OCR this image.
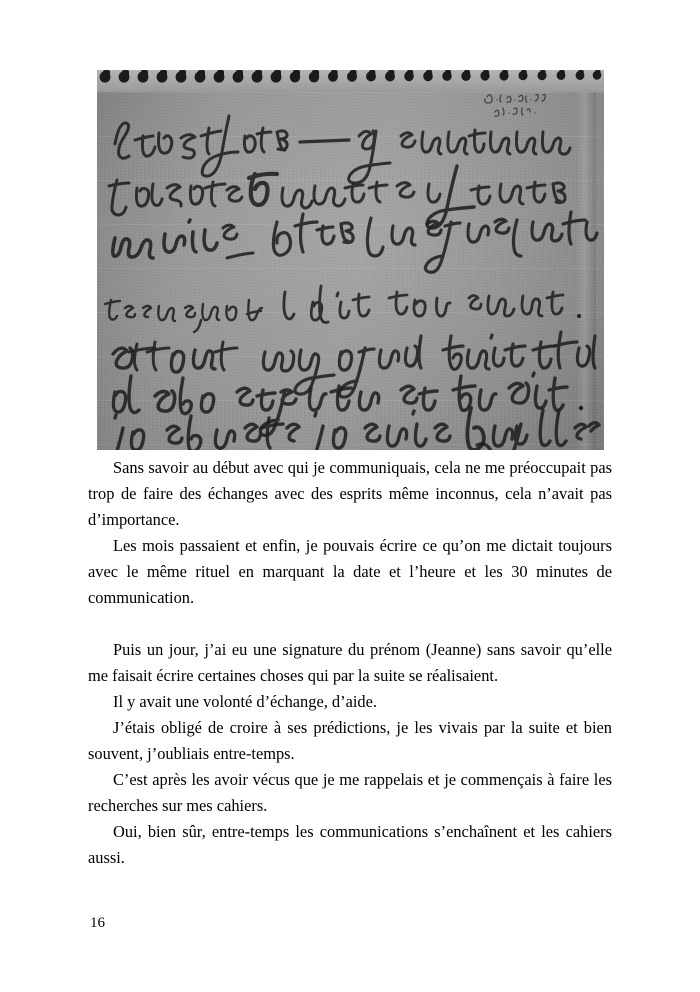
Sans savoir au début avec qui je communiquais, cela ne me préoccupait pas trop de faire des échanges avec des esprits même inconnus, cela n’avait pas d’importance.

Les mois passaient et enfin, je pouvais écrire ce qu’on me dictait toujours avec le même rituel en marquant la date et l’heure et les 30 minutes de communication.

Puis un jour, j’ai eu une signature du prénom (Jeanne) sans savoir qu’elle me faisait écrire certaines choses qui par la suite se réalisaient.

Il y avait une volonté d’échange, d’aide.

J’étais obligé de croire à ses prédictions, je les vivais par la suite et bien souvent, j’oubliais entre-temps.

C’est après les avoir vécus que je me rappelais et je commençais à faire les recherches sur mes cahiers.

Oui, bien sûr, entre-temps les communications s’enchaînent et les cahiers aussi.

16
